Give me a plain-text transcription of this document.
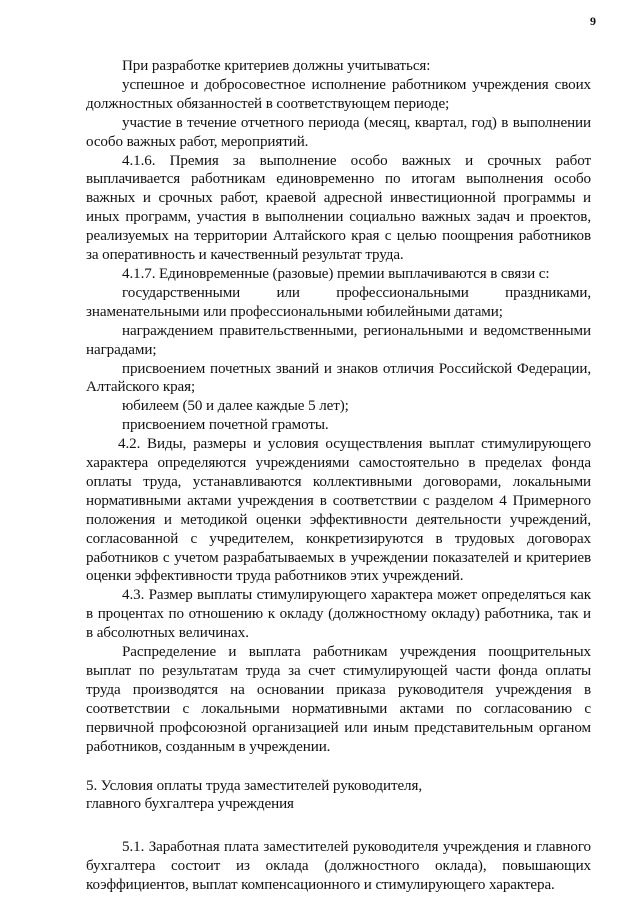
9

При разработке критериев должны учитываться:

успешное и добросовестное исполнение работником учреждения своих должностных обязанностей в соответствующем периоде;

участие в течение отчетного периода (месяц, квартал, год) в выполнении особо важных работ, мероприятий.

4.1.6. Премия за выполнение особо важных и срочных работ выплачивается работникам единовременно по итогам выполнения особо важных и срочных работ, краевой адресной инвестиционной программы и иных программ, участия в выполнении социально важных задач и проектов, реализуемых на территории Алтайского края с целью поощрения работников за оперативность и качественный результат труда.

4.1.7. Единовременные (разовые) премии выплачиваются в связи с:

государственными или профессиональными праздниками, знаменательными или профессиональными юбилейными датами;

награждением правительственными, региональными и ведомственными наградами;

присвоением почетных званий и знаков отличия Российской Федерации, Алтайского края;

юбилеем (50 и далее каждые 5 лет);

присвоением почетной грамоты.

4.2. Виды, размеры и условия осуществления выплат стимулирующего характера определяются учреждениями самостоятельно в пределах фонда оплаты труда, устанавливаются коллективными договорами, локальными нормативными актами учреждения в соответствии с разделом 4 Примерного положения и методикой оценки эффективности деятельности учреждений, согласованной с учредителем, конкретизируются в трудовых договорах работников с учетом разрабатываемых в учреждении показателей и критериев оценки эффективности труда работников этих учреждений.

4.3. Размер выплаты стимулирующего характера может определяться как в процентах по отношению к окладу (должностному окладу) работника, так и в абсолютных величинах.

Распределение и выплата работникам учреждения поощрительных выплат по результатам труда за счет стимулирующей части фонда оплаты труда производятся на основании приказа руководителя учреждения в соответствии с локальными нормативными актами по согласованию с первичной профсоюзной организацией или иным представительным органом работников, созданным в учреждении.

5. Условия оплаты труда заместителей руководителя,
главного бухгалтера учреждения

5.1. Заработная плата заместителей руководителя учреждения и главного бухгалтера состоит из оклада (должностного оклада), повышающих коэффициентов, выплат компенсационного и стимулирующего характера.
